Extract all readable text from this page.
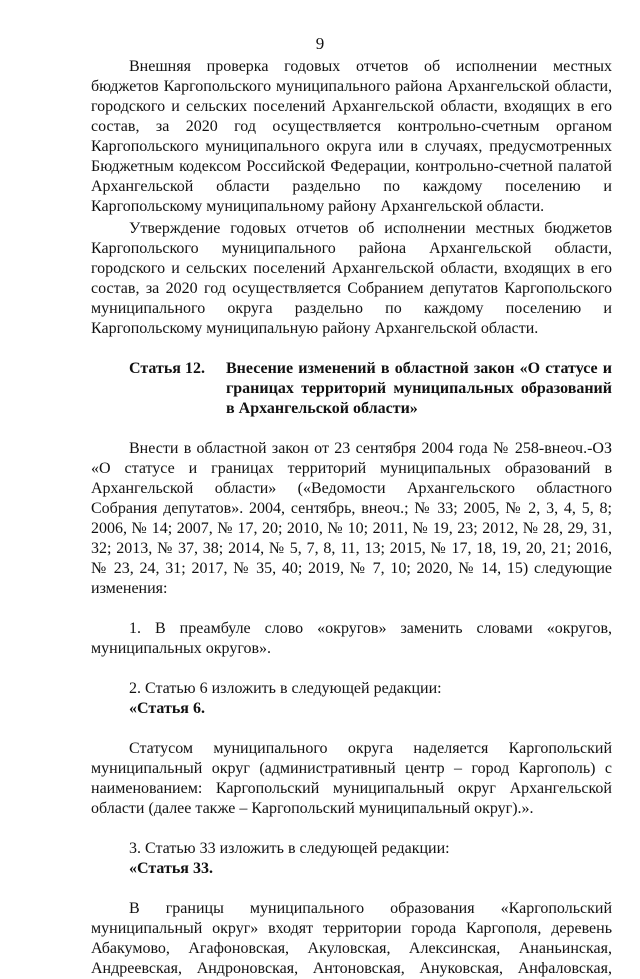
9

Внешняя проверка годовых отчетов об исполнении местных бюджетов Каргопольского муниципального района Архангельской области, городского и сельских поселений Архангельской области, входящих в его состав, за 2020 год осуществляется контрольно-счетным органом Каргопольского муниципального округа или в случаях, предусмотренных Бюджетным кодексом Российской Федерации, контрольно-счетной палатой Архангельской области раздельно по каждому поселению и Каргопольскому муниципальному району Архангельской области.

Утверждение годовых отчетов об исполнении местных бюджетов Каргопольского муниципального района Архангельской области, городского и сельских поселений Архангельской области, входящих в его состав, за 2020 год осуществляется Собранием депутатов Каргопольского муниципального округа раздельно по каждому поселению и Каргопольскому муниципальную району Архангельской области.

Статья 12.	Внесение изменений в областной закон «О статусе и границах территорий муниципальных образований в Архангельской области»

Внести в областной закон от 23 сентября 2004 года № 258-внеоч.-ОЗ «О статусе и границах территорий муниципальных образований в Архангельской области» («Ведомости Архангельского областного Собрания депутатов». 2004, сентябрь, внеоч.; № 33; 2005, № 2, 3, 4, 5, 8; 2006, № 14; 2007, № 17, 20; 2010, № 10; 2011, № 19, 23; 2012, № 28, 29, 31, 32; 2013, № 37, 38; 2014, № 5, 7, 8, 11, 13; 2015, № 17, 18, 19, 20, 21; 2016, № 23, 24, 31; 2017, № 35, 40; 2019, № 7, 10; 2020, № 14, 15) следующие изменения:

1. В преамбуле слово «округов» заменить словами «округов, муниципальных округов».

2. Статью 6 изложить в следующей редакции:

«Статья 6.

Статусом муниципального округа наделяется Каргопольский муниципальный округ (административный центр – город Каргополь) с наименованием: Каргопольский муниципальный округ Архангельской области (далее также – Каргопольский муниципальный округ).».

3. Статью 33 изложить в следующей редакции:

«Статья 33.

В границы муниципального образования «Каргопольский муниципальный округ» входят территории города Каргополя, деревень

Абакумово, Агафоновская, Акуловская, Алексинская, Ананьинская,

Андреевская, Андроновская, Антоновская, Ануковская, Анфаловская,
